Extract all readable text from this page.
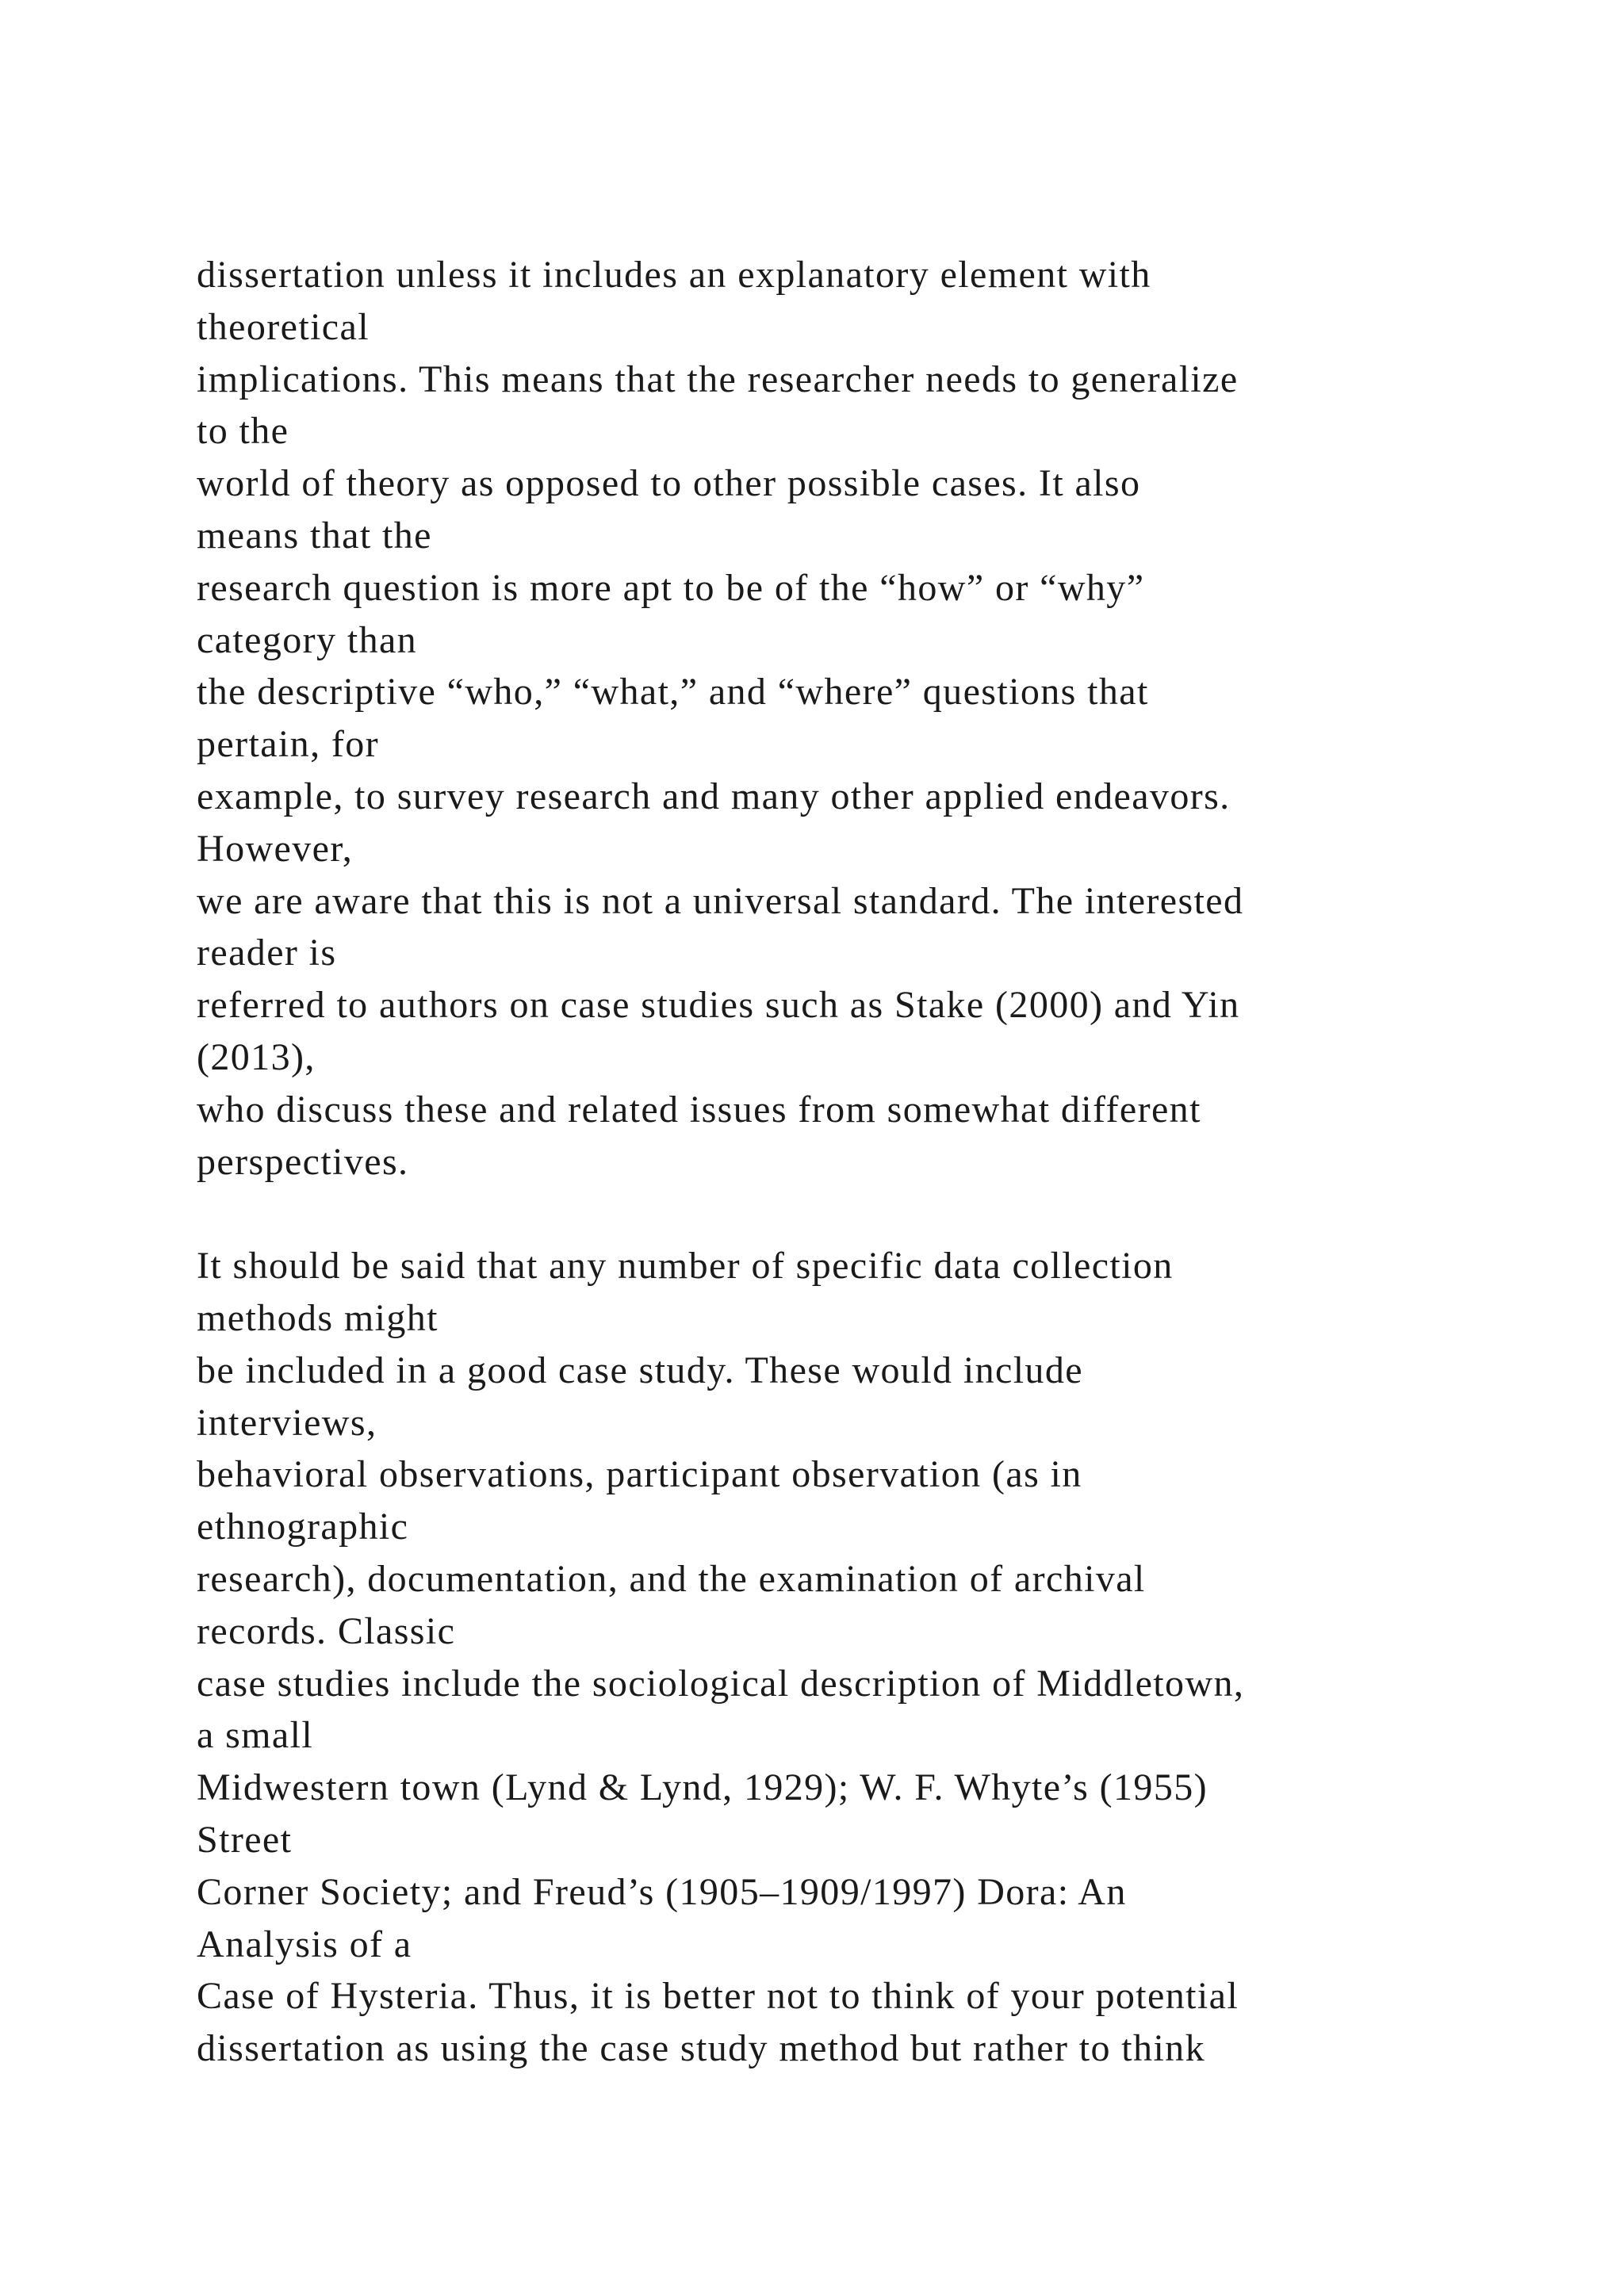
dissertation unless it includes an explanatory element with
theoretical
implications. This means that the researcher needs to generalize
to the
world of theory as opposed to other possible cases. It also
means that the
research question is more apt to be of the “how” or “why”
category than
the descriptive “who,” “what,” and “where” questions that
pertain, for
example, to survey research and many other applied endeavors.
However,
we are aware that this is not a universal standard. The interested
reader is
referred to authors on case studies such as Stake (2000) and Yin
(2013),
who discuss these and related issues from somewhat different
perspectives.
It should be said that any number of specific data collection
methods might
be included in a good case study. These would include
interviews,
behavioral observations, participant observation (as in
ethnographic
research), documentation, and the examination of archival
records. Classic
case studies include the sociological description of Middletown,
a small
Midwestern town (Lynd & Lynd, 1929); W. F. Whyte’s (1955)
Street
Corner Society; and Freud’s (1905–1909/1997) Dora: An
Analysis of a
Case of Hysteria. Thus, it is better not to think of your potential
dissertation as using the case study method but rather to think
